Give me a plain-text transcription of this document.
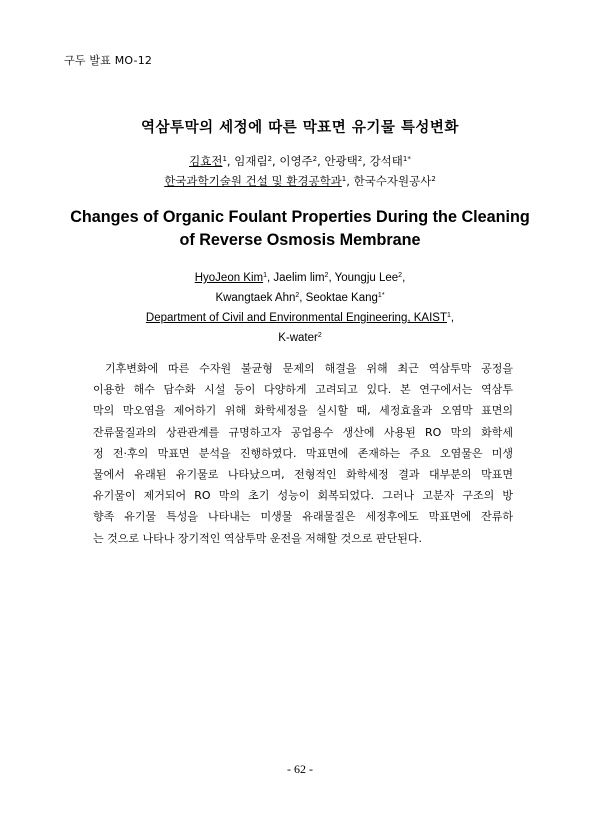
구두 발표 MO-12
역삼투막의 세정에 따른 막표면 유기물 특성변화
김효전$^1$, 임재림$^2$, 이영주$^2$, 안광택$^2$, 강석태$^{1*}$
한국과학기술원 건설 및 환경공학과$^1$, 한국수자원공사$^2$
Changes of Organic Foulant Properties During the Cleaning
of Reverse Osmosis Membrane
HyoJeon Kim$^1$, Jaelim $\lim^2$, Youngju Lee$^2$,
Kwangtaek Ahn$^2$, Seoktae Kang$^{1*}$
Department of Civil and Environmental Engineering, KAIST$^1$,
K-water$^2$
기후변화에 따른 수자원 불균형 문제의 해결을 위해 최근 역삼투막 공정을
이용한 해수 담수화 시설 등이 다양하게 고려되고 있다. 본 연구에서는 역삼투
막의 막오염을 제어하기 위해 화학세정을 실시할 때, 세정효율과 오염막 표면의
잔류물질과의 상관관계를 규명하고자 공업용수 생산에 사용된 RO 막의 화학세
정 전·후의 막표면 분석을 진행하였다. 막표면에 존재하는 주요 오염물은 미생
물에서 유래된 유기물로 나타났으며, 전형적인 화학세정 결과 대부분의 막표면
유기물이 제거되어 RO 막의 초기 성능이 회복되었다. 그러나 고분자 구조의 방
향족 유기물 특성을 나타내는 미생물 유래물질은 세정후에도 막표면에 잔류하
는 것으로 나타나 장기적인 역삼투막 운전을 저해할 것으로 판단된다.
- 62 -
